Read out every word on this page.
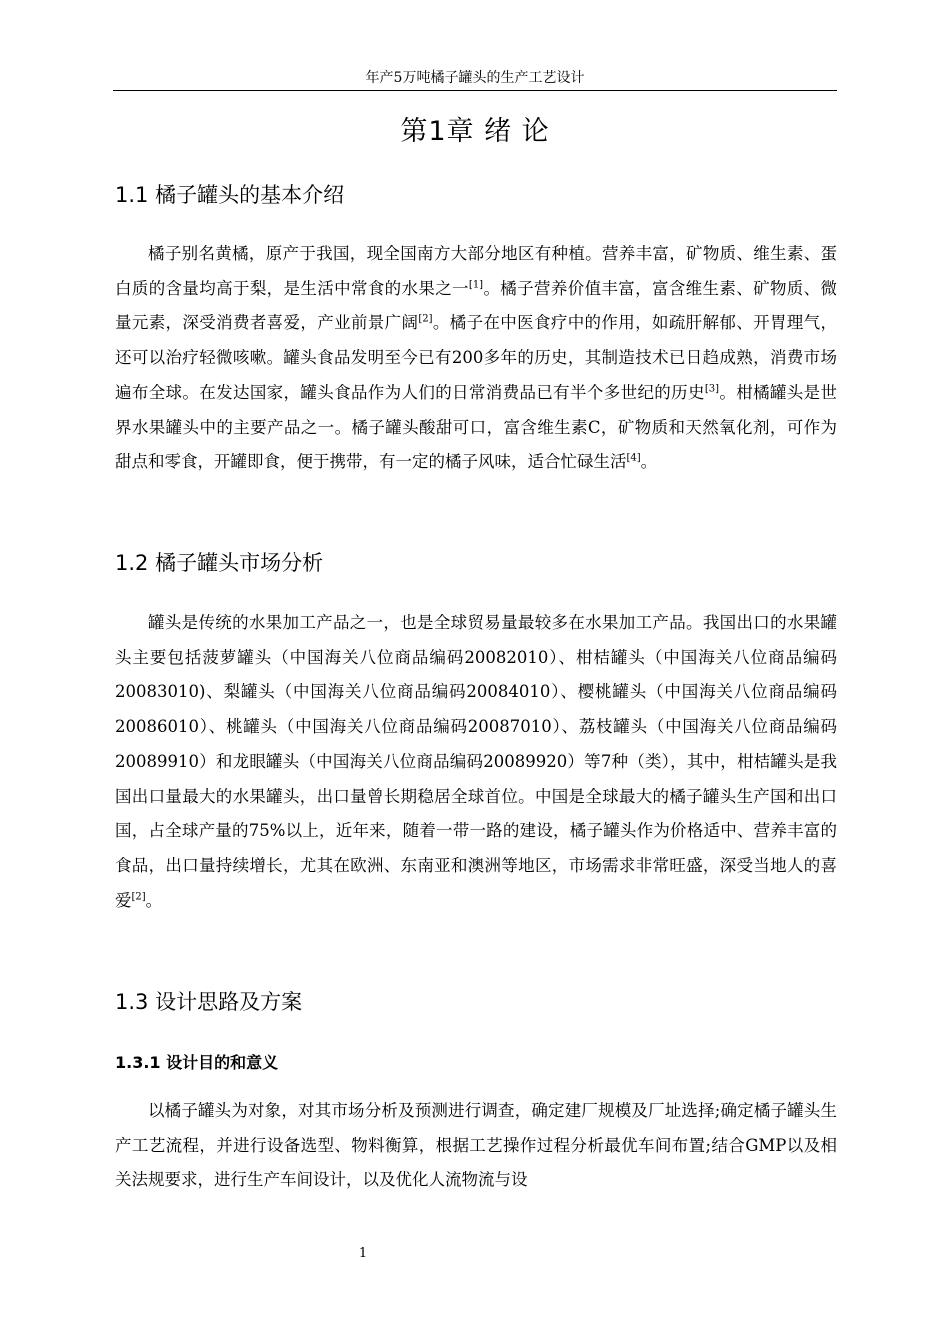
年产5万吨橘子罐头的生产工艺设计
第1章 绪 论
1.1 橘子罐头的基本介绍

橘子别名黄橘，原产于我国，现全国南方大部分地区有种植。营养丰富，矿物质、维生素、蛋白质的含量均高于梨，是生活中常食的水果之一[1]。橘子营养价值丰富，富含维生素、矿物质、微量元素，深受消费者喜爱，产业前景广阔[2]。橘子在中医食疗中的作用，如疏肝解郁、开胃理气，还可以治疗轻微咳嗽。罐头食品发明至今已有200多年的历史，其制造技术已日趋成熟，消费市场遍布全球。在发达国家，罐头食品作为人们的日常消费品已有半个多世纪的历史[3]。柑橘罐头是世界水果罐头中的主要产品之一。橘子罐头酸甜可口，富含维生素C，矿物质和天然氧化剂，可作为甜点和零食，开罐即食，便于携带，有一定的橘子风味，适合忙碌生活[4]。

1.2 橘子罐头市场分析

罐头是传统的水果加工产品之一，也是全球贸易量最较多在水果加工产品。我国出口的水果罐头主要包括菠萝罐头（中国海关八位商品编码20082010）、柑桔罐头（中国海关八位商品编码20083010)、梨罐头（中国海关八位商品编码20084010）、樱桃罐头（中国海关八位商品编码20086010）、桃罐头（中国海关八位商品编码20087010）、荔枝罐头（中国海关八位商品编码20089910）和龙眼罐头（中国海关八位商品编码20089920）等7种（类），其中，柑桔罐头是我国出口量最大的水果罐头，出口量曾长期稳居全球首位。中国是全球最大的橘子罐头生产国和出口国，占全球产量的75%以上，近年来，随着一带一路的建设，橘子罐头作为价格适中、营养丰富的食品，出口量持续增长，尤其在欧洲、东南亚和澳洲等地区，市场需求非常旺盛，深受当地人的喜爱[2]。

1.3 设计思路及方案
1.3.1 设计目的和意义

以橘子罐头为对象，对其市场分析及预测进行调查，确定建厂规模及厂址选择;确定橘子罐头生产工艺流程，并进行设备选型、物料衡算，根据工艺操作过程分析最优车间布置;结合GMP以及相关法规要求，进行生产车间设计，以及优化人流物流与设

1
